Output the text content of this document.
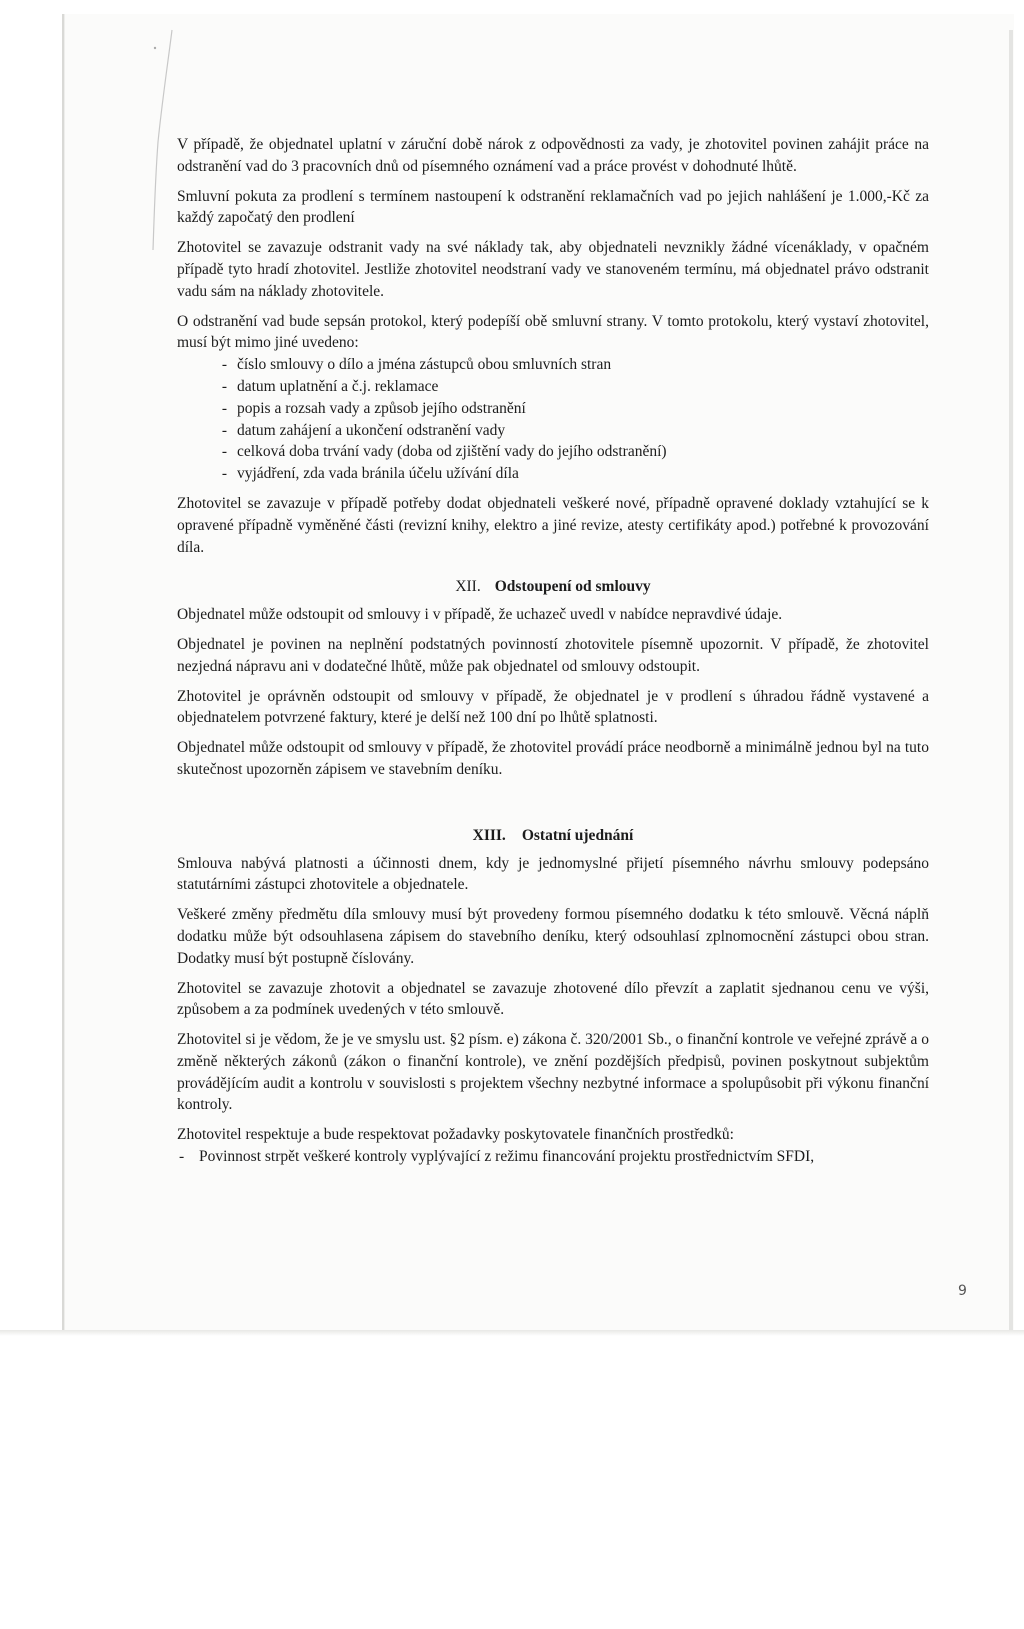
V případě, že objednatel uplatní v záruční době nárok z odpovědnosti za vady, je zhotovitel povinen zahájit práce na odstranění vad do 3 pracovních dnů od písemného oznámení vad a práce provést v dohodnuté lhůtě.

Smluvní pokuta za prodlení s termínem nastoupení k odstranění reklamačních vad po jejich nahlášení je 1.000,-Kč za každý započatý den prodlení

Zhotovitel se zavazuje odstranit vady na své náklady tak, aby objednateli nevznikly žádné vícenáklady, v opačném případě tyto hradí zhotovitel. Jestliže zhotovitel neodstraní vady ve stanoveném termínu, má objednatel právo odstranit vadu sám na náklady zhotovitele.

O odstranění vad bude sepsán protokol, který podepíší obě smluvní strany. V tomto protokolu, který vystaví zhotovitel, musí být mimo jiné uvedeno:

- číslo smlouvy o dílo a jména zástupců obou smluvních stran
- datum uplatnění a č.j. reklamace
- popis a rozsah vady a způsob jejího odstranění
- datum zahájení a ukončení odstranění vady
- celková doba trvání vady (doba od zjištění vady do jejího odstranění)
- vyjádření, zda vada bránila účelu užívání díla

Zhotovitel se zavazuje v případě potřeby dodat objednateli veškeré nové, případně opravené doklady vztahující se k opravené případně vyměněné části (revizní knihy, elektro a jiné revize, atesty certifikáty apod.) potřebné k provozování díla.

XII. Odstoupení od smlouvy

Objednatel může odstoupit od smlouvy i v případě, že uchazeč uvedl v nabídce nepravdivé údaje.

Objednatel je povinen na neplnění podstatných povinností zhotovitele písemně upozornit. V případě, že zhotovitel nezjedná nápravu ani v dodatečné lhůtě, může pak objednatel od smlouvy odstoupit.

Zhotovitel je oprávněn odstoupit od smlouvy v případě, že objednatel je v prodlení s úhradou řádně vystavené a objednatelem potvrzené faktury, které je delší než 100 dní po lhůtě splatnosti.

Objednatel může odstoupit od smlouvy v případě, že zhotovitel provádí práce neodborně a minimálně jednou byl na tuto skutečnost upozorněn zápisem ve stavebním deníku.

XIII. Ostatní ujednání

Smlouva nabývá platnosti a účinnosti dnem, kdy je jednomyslné přijetí písemného návrhu smlouvy podepsáno statutárními zástupci zhotovitele a objednatele.

Veškeré změny předmětu díla smlouvy musí být provedeny formou písemného dodatku k této smlouvě. Věcná náplň dodatku může být odsouhlasena zápisem do stavebního deníku, který odsouhlasí zplnomocnění zástupci obou stran. Dodatky musí být postupně číslovány.

Zhotovitel se zavazuje zhotovit a objednatel se zavazuje zhotovené dílo převzít a zaplatit sjednanou cenu ve výši, způsobem a za podmínek uvedených v této smlouvě.

Zhotovitel si je vědom, že je ve smyslu ust. §2 písm. e) zákona č. 320/2001 Sb., o finanční kontrole ve veřejné zprávě a o změně některých zákonů (zákon o finanční kontrole), ve znění pozdějších předpisů, povinen poskytnout subjektům provádějícím audit a kontrolu v souvislosti s projektem všechny nezbytné informace a spolupůsobit při výkonu finanční kontroly.

Zhotovitel respektuje a bude respektovat požadavky poskytovatele finančních prostředků:

- Povinnost strpět veškeré kontroly vyplývající z režimu financování projektu prostřednictvím SFDI,
9
